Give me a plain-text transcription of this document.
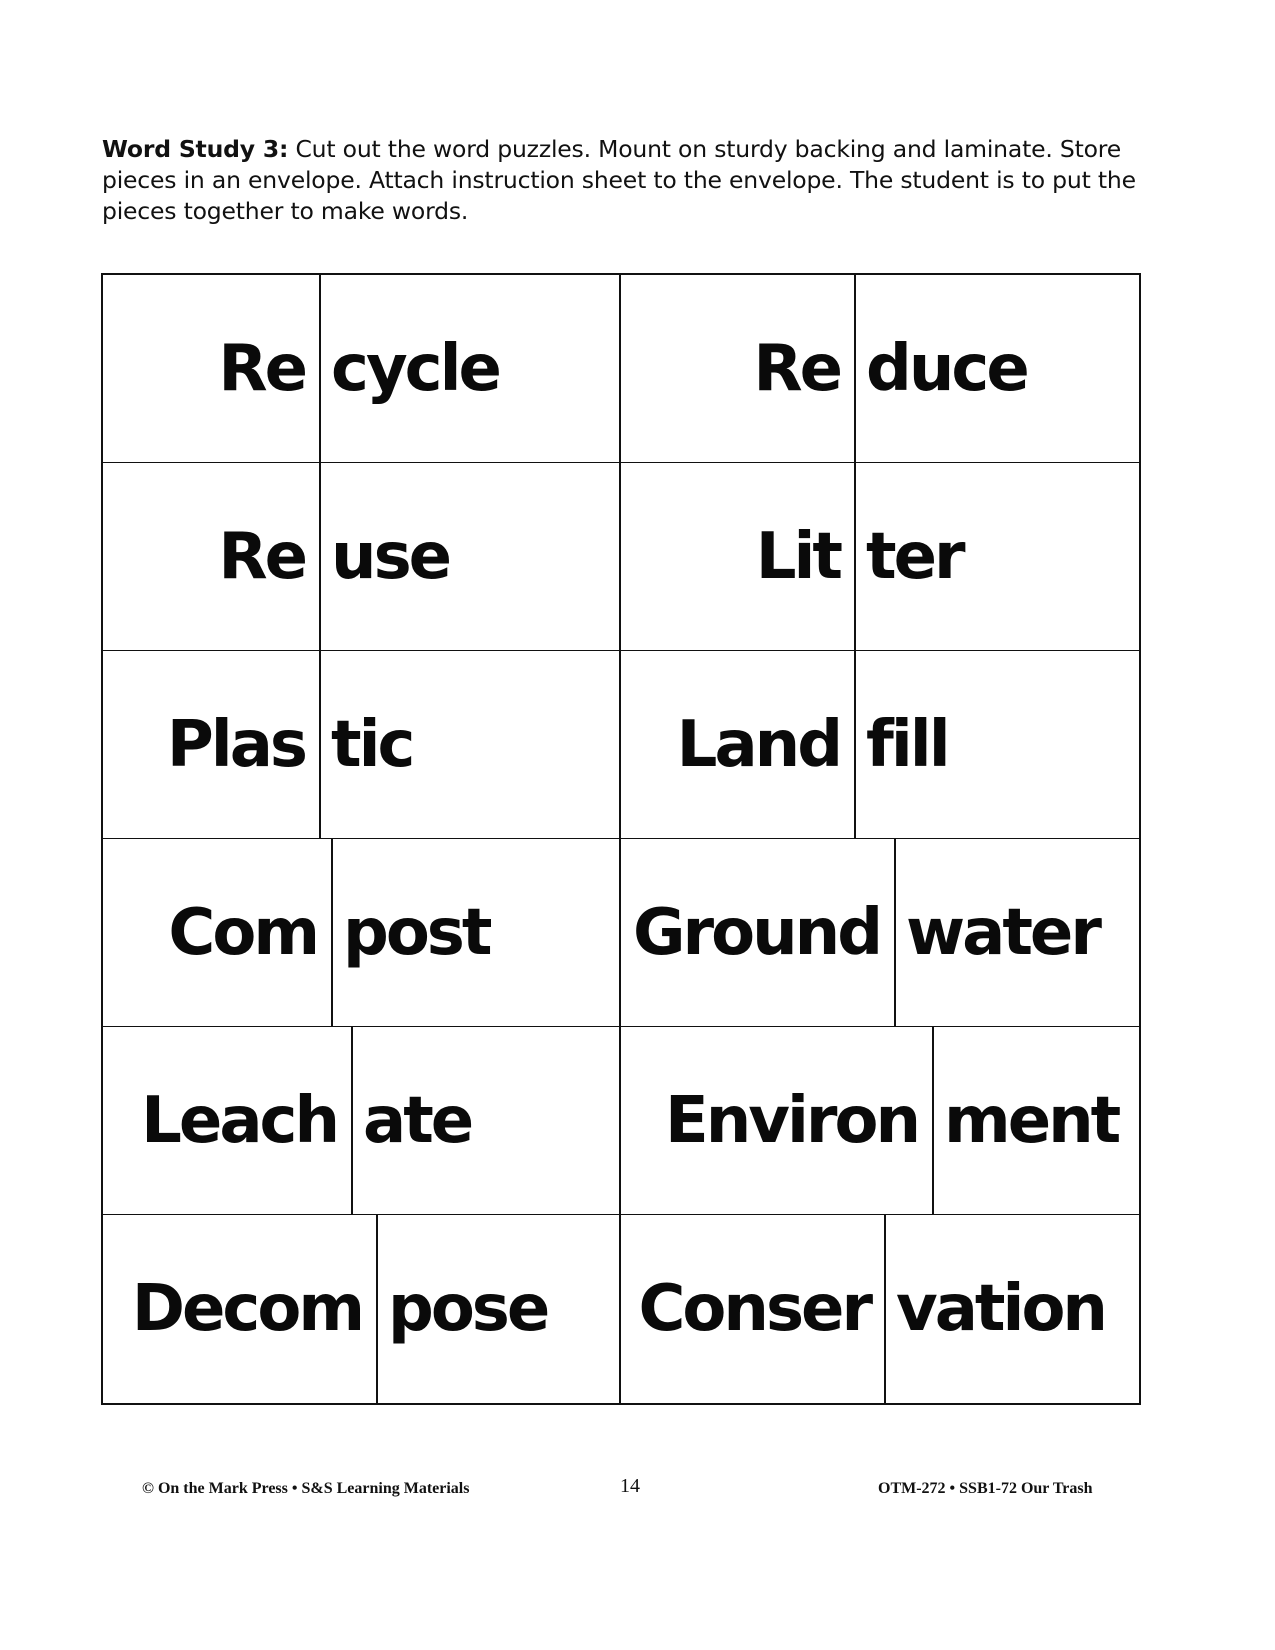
Word Study 3: Cut out the word puzzles. Mount on sturdy backing and laminate. Store pieces in an envelope. Attach instruction sheet to the envelope. The student is to put the pieces together to make words.
Re cycle	Re duce
Re use	Lit ter
Plas tic	Land fill
Com post	Ground water
Leach ate	Environ ment
Decom pose	Conser vation
© On the Mark Press • S&S Learning Materials	14	OTM-272 • SSB1-72 Our Trash
